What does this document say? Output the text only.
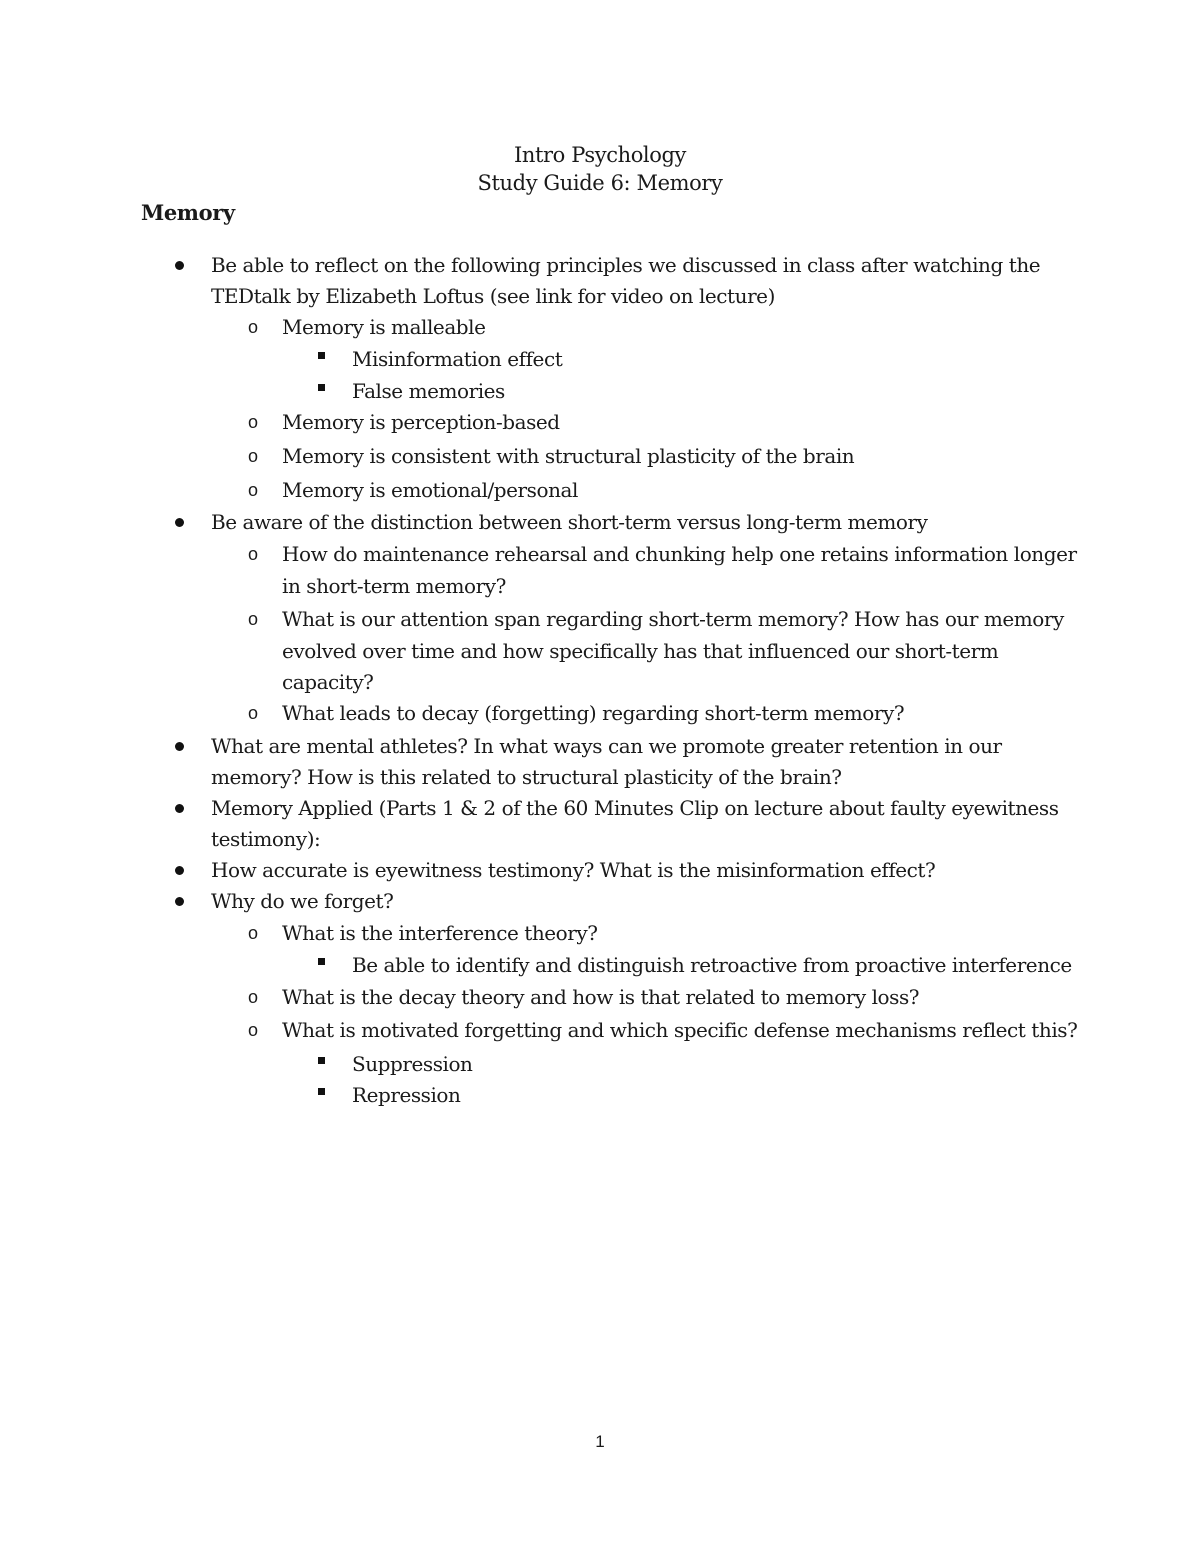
Intro Psychology
Study Guide 6: Memory
Memory
Be able to reflect on the following principles we discussed in class after watching the
TEDtalk by Elizabeth Loftus (see link for video on lecture)
o Memory is malleable
Misinformation effect
False memories
o Memory is perception-based
o Memory is consistent with structural plasticity of the brain
o Memory is emotional/personal
Be aware of the distinction between short-term versus long-term memory
o How do maintenance rehearsal and chunking help one retains information longer
in short-term memory?
o What is our attention span regarding short-term memory? How has our memory
evolved over time and how specifically has that influenced our short-term
capacity?
o What leads to decay (forgetting) regarding short-term memory?
What are mental athletes? In what ways can we promote greater retention in our
memory? How is this related to structural plasticity of the brain?
Memory Applied (Parts 1 & 2 of the 60 Minutes Clip on lecture about faulty eyewitness
testimony):
How accurate is eyewitness testimony? What is the misinformation effect?
Why do we forget?
o What is the interference theory?
Be able to identify and distinguish retroactive from proactive interference
o What is the decay theory and how is that related to memory loss?
o What is motivated forgetting and which specific defense mechanisms reflect this?
Suppression
Repression
1
